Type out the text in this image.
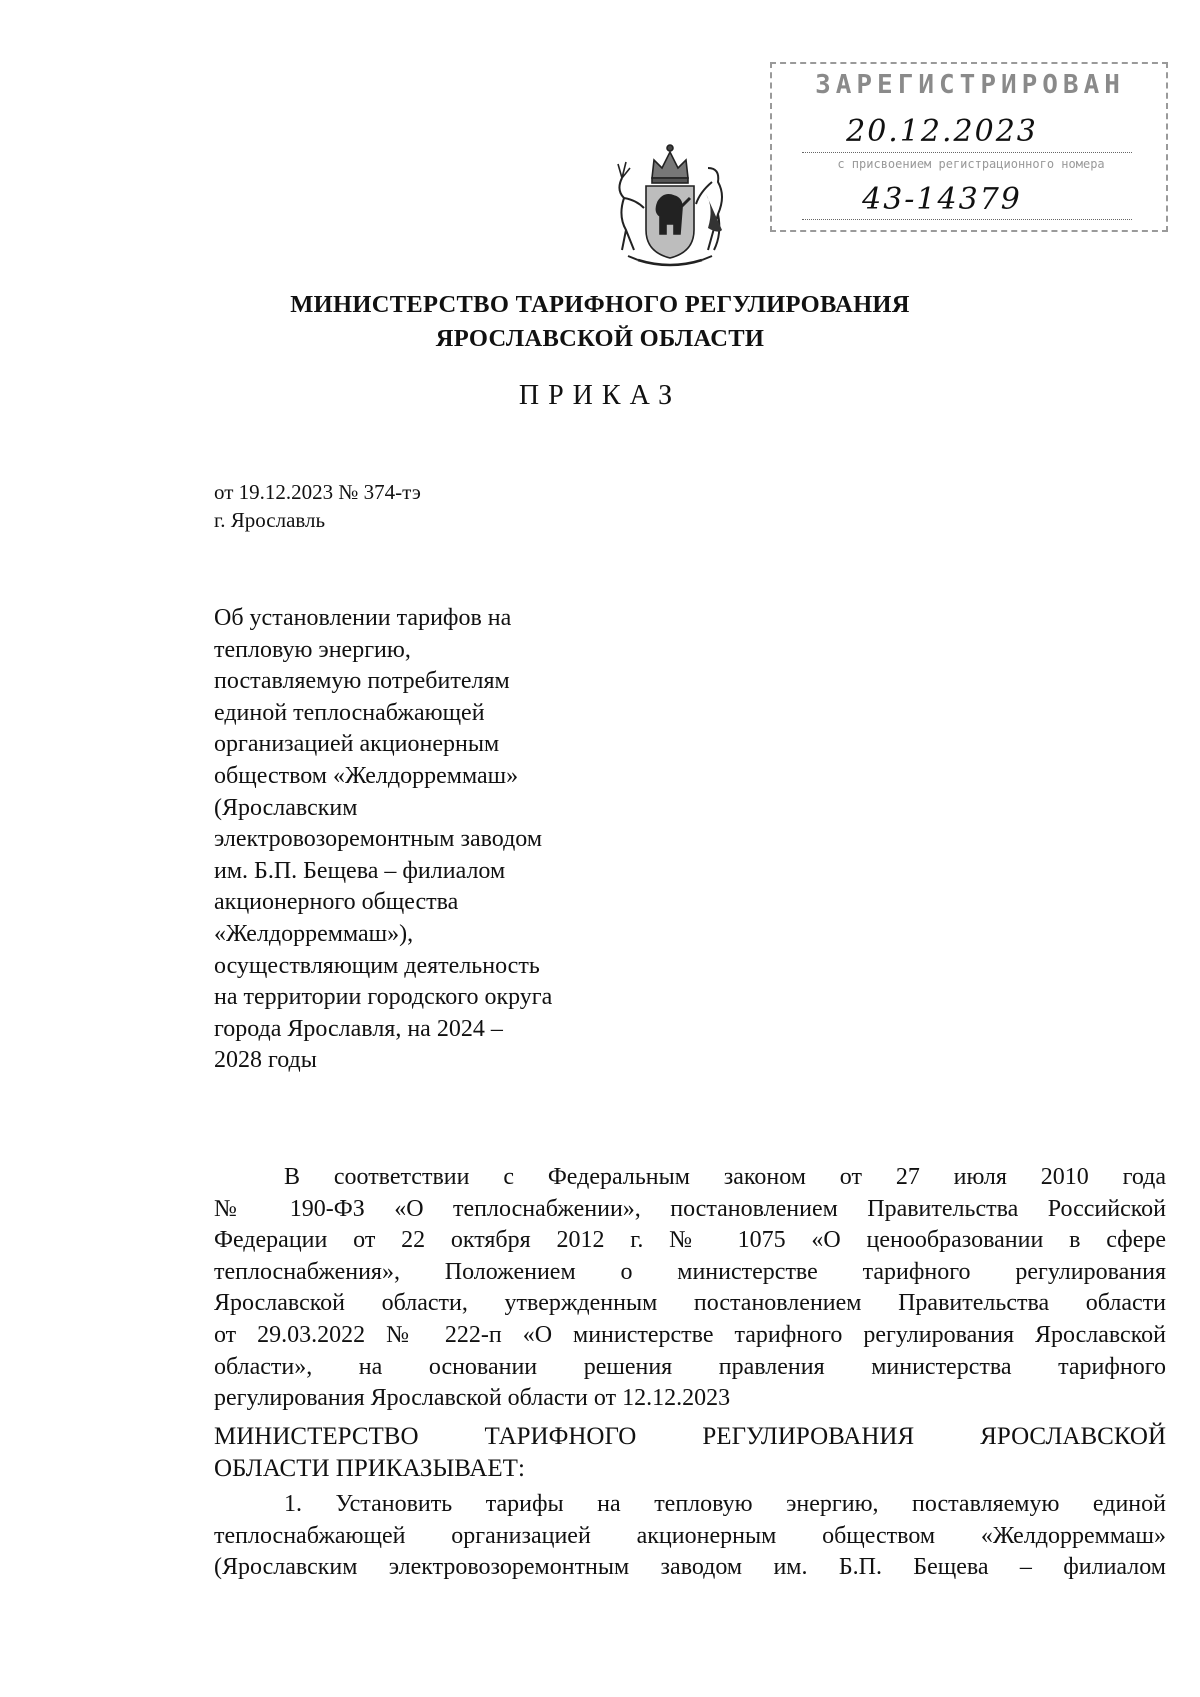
ЗАРЕГИСТРИРОВАН
20.12.2023
с присвоением регистрационного номера
43-14379
МИНИСТЕРСТВО ТАРИФНОГО РЕГУЛИРОВАНИЯ
ЯРОСЛАВСКОЙ ОБЛАСТИ
ПРИКАЗ
от 19.12.2023 № 374-тэ
г. Ярославль
Об установлении тарифов на
тепловую энергию,
поставляемую потребителям
единой теплоснабжающей
организацией акционерным
обществом «Желдорреммаш»
(Ярославским
электровозоремонтным заводом
им. Б.П. Бещева – филиалом
акционерного общества
«Желдорреммаш»),
осуществляющим деятельность
на территории городского округа
города Ярославля, на 2024 –
2028 годы
В соответствии с Федеральным законом от 27 июля 2010 года
№ 190-ФЗ «О теплоснабжении», постановлением Правительства Российской
Федерации от 22 октября 2012 г. № 1075 «О ценообразовании в сфере
теплоснабжения», Положением о министерстве тарифного регулирования
Ярославской области, утвержденным постановлением Правительства области
от 29.03.2022 № 222-п «О министерстве тарифного регулирования Ярославской
области», на основании решения правления министерства тарифного
регулирования Ярославской области от 12.12.2023
МИНИСТЕРСТВО ТАРИФНОГО РЕГУЛИРОВАНИЯ ЯРОСЛАВСКОЙ
ОБЛАСТИ ПРИКАЗЫВАЕТ:
1. Установить тарифы на тепловую энергию, поставляемую единой
теплоснабжающей организацией акционерным обществом «Желдорреммаш»
(Ярославским электровозоремонтным заводом им. Б.П. Бещева – филиалом
